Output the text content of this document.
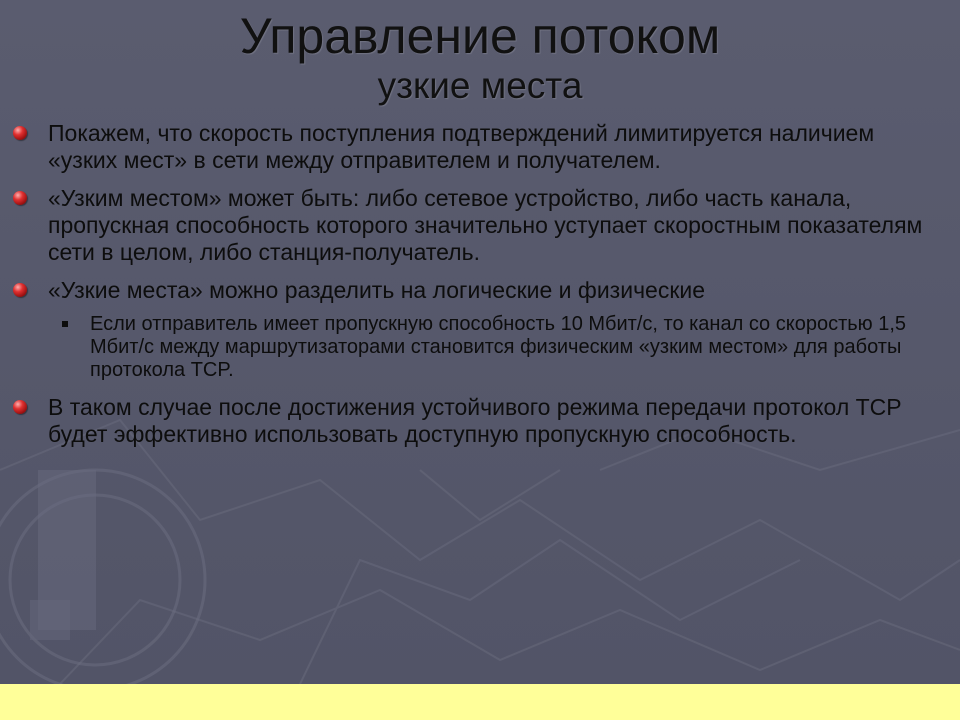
Управление потоком
узкие места
Покажем, что скорость поступления подтверждений лимитируется наличием «узких мест» в сети между отправителем и получателем.
«Узким местом» может быть: либо сетевое устройство, либо часть канала, пропускная способность которого значительно уступает скоростным показателям сети в целом, либо станция-получатель.
«Узкие места» можно разделить на логические и физические
Если отправитель имеет пропускную способность 10 Мбит/с, то канал со скоростью 1,5 Мбит/с между маршрутизаторами становится физическим «узким местом» для работы протокола TCP.
В таком случае после достижения устойчивого режима передачи протокол TCP будет эффективно использовать доступную пропускную способность.
